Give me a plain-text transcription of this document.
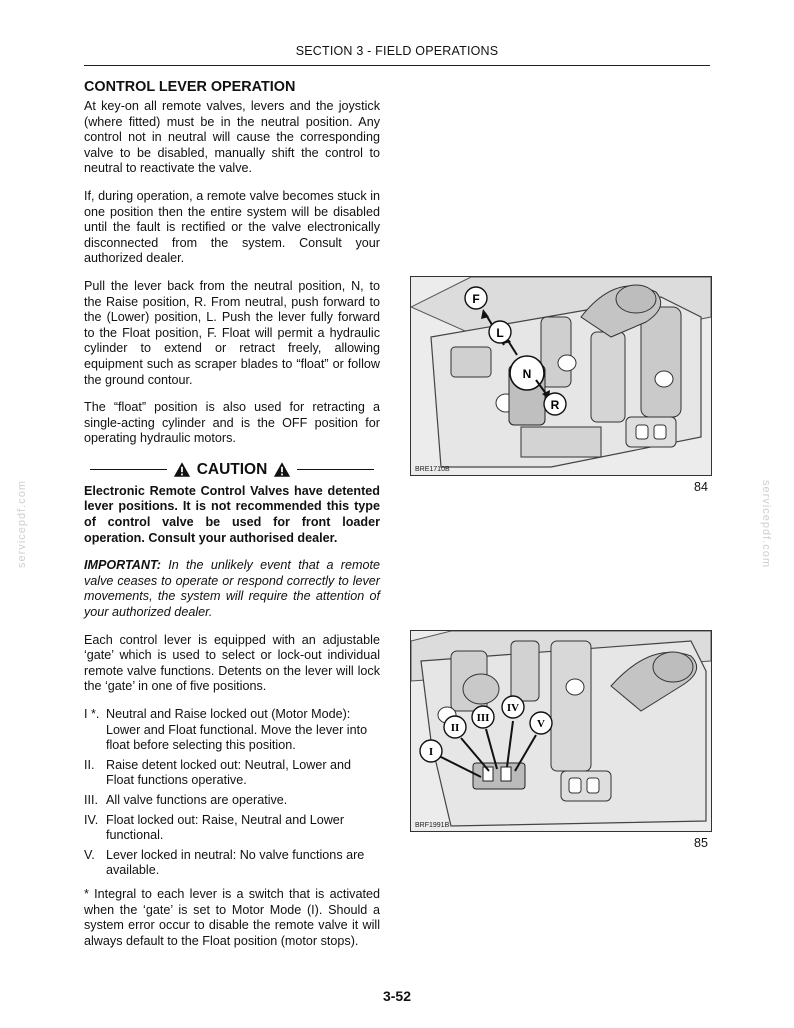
SECTION 3 - FIELD OPERATIONS
servicepdf.com	servicepdf.com
CONTROL LEVER OPERATION

At key-on all remote valves, levers and the joystick (where fitted) must be in the neutral position. Any control not in neutral will cause the corresponding valve to be disabled, manually shift the control to neutral to reactivate the valve.

If, during operation, a remote valve becomes stuck in one position then the entire system will be disabled until the fault is rectified or the valve electronically disconnected from the system. Consult your authorized dealer.

Pull the lever back from the neutral position, N, to the Raise position, R. From neutral, push forward to the (Lower) position, L. Push the lever fully forward to the Float position, F. Float will permit a hydraulic cylinder to extend or retract freely, allowing equipment such as scraper blades to “float” or follow the ground contour.

The “float” position is also used for retracting a single-acting cylinder and is the OFF position for operating hydraulic motors.

CAUTION

Electronic Remote Control Valves have detented lever positions. It is not recommended this type of control valve be used for front loader operation. Consult your authorised dealer.

IMPORTANT: In the unlikely event that a remote valve ceases to operate or respond correctly to lever movements, the system will require the attention of your authorized dealer.

Each control lever is equipped with an adjustable ‘gate’ which is used to select or lock-out individual remote valve functions. Detents on the lever will lock the ‘gate’ in one of five positions.

I *. Neutral and Raise locked out (Motor Mode): Lower and Float functional. Move the lever into float before selecting this position.
II. Raise detent locked out: Neutral, Lower and Float functions operative.
III. All valve functions are operative.
IV. Float locked out: Raise, Neutral and Lower functional.
V. Lever locked in neutral: No valve functions are available.

* Integral to each lever is a switch that is activated when the ‘gate’ is set to Motor Mode (I). Should a system error occur to disable the remote valve it will always default to the Float position (motor stops).

F
L
N
R
BRE1710B
84
I
II
III
IV
V
BRF1991B
85
3-52
